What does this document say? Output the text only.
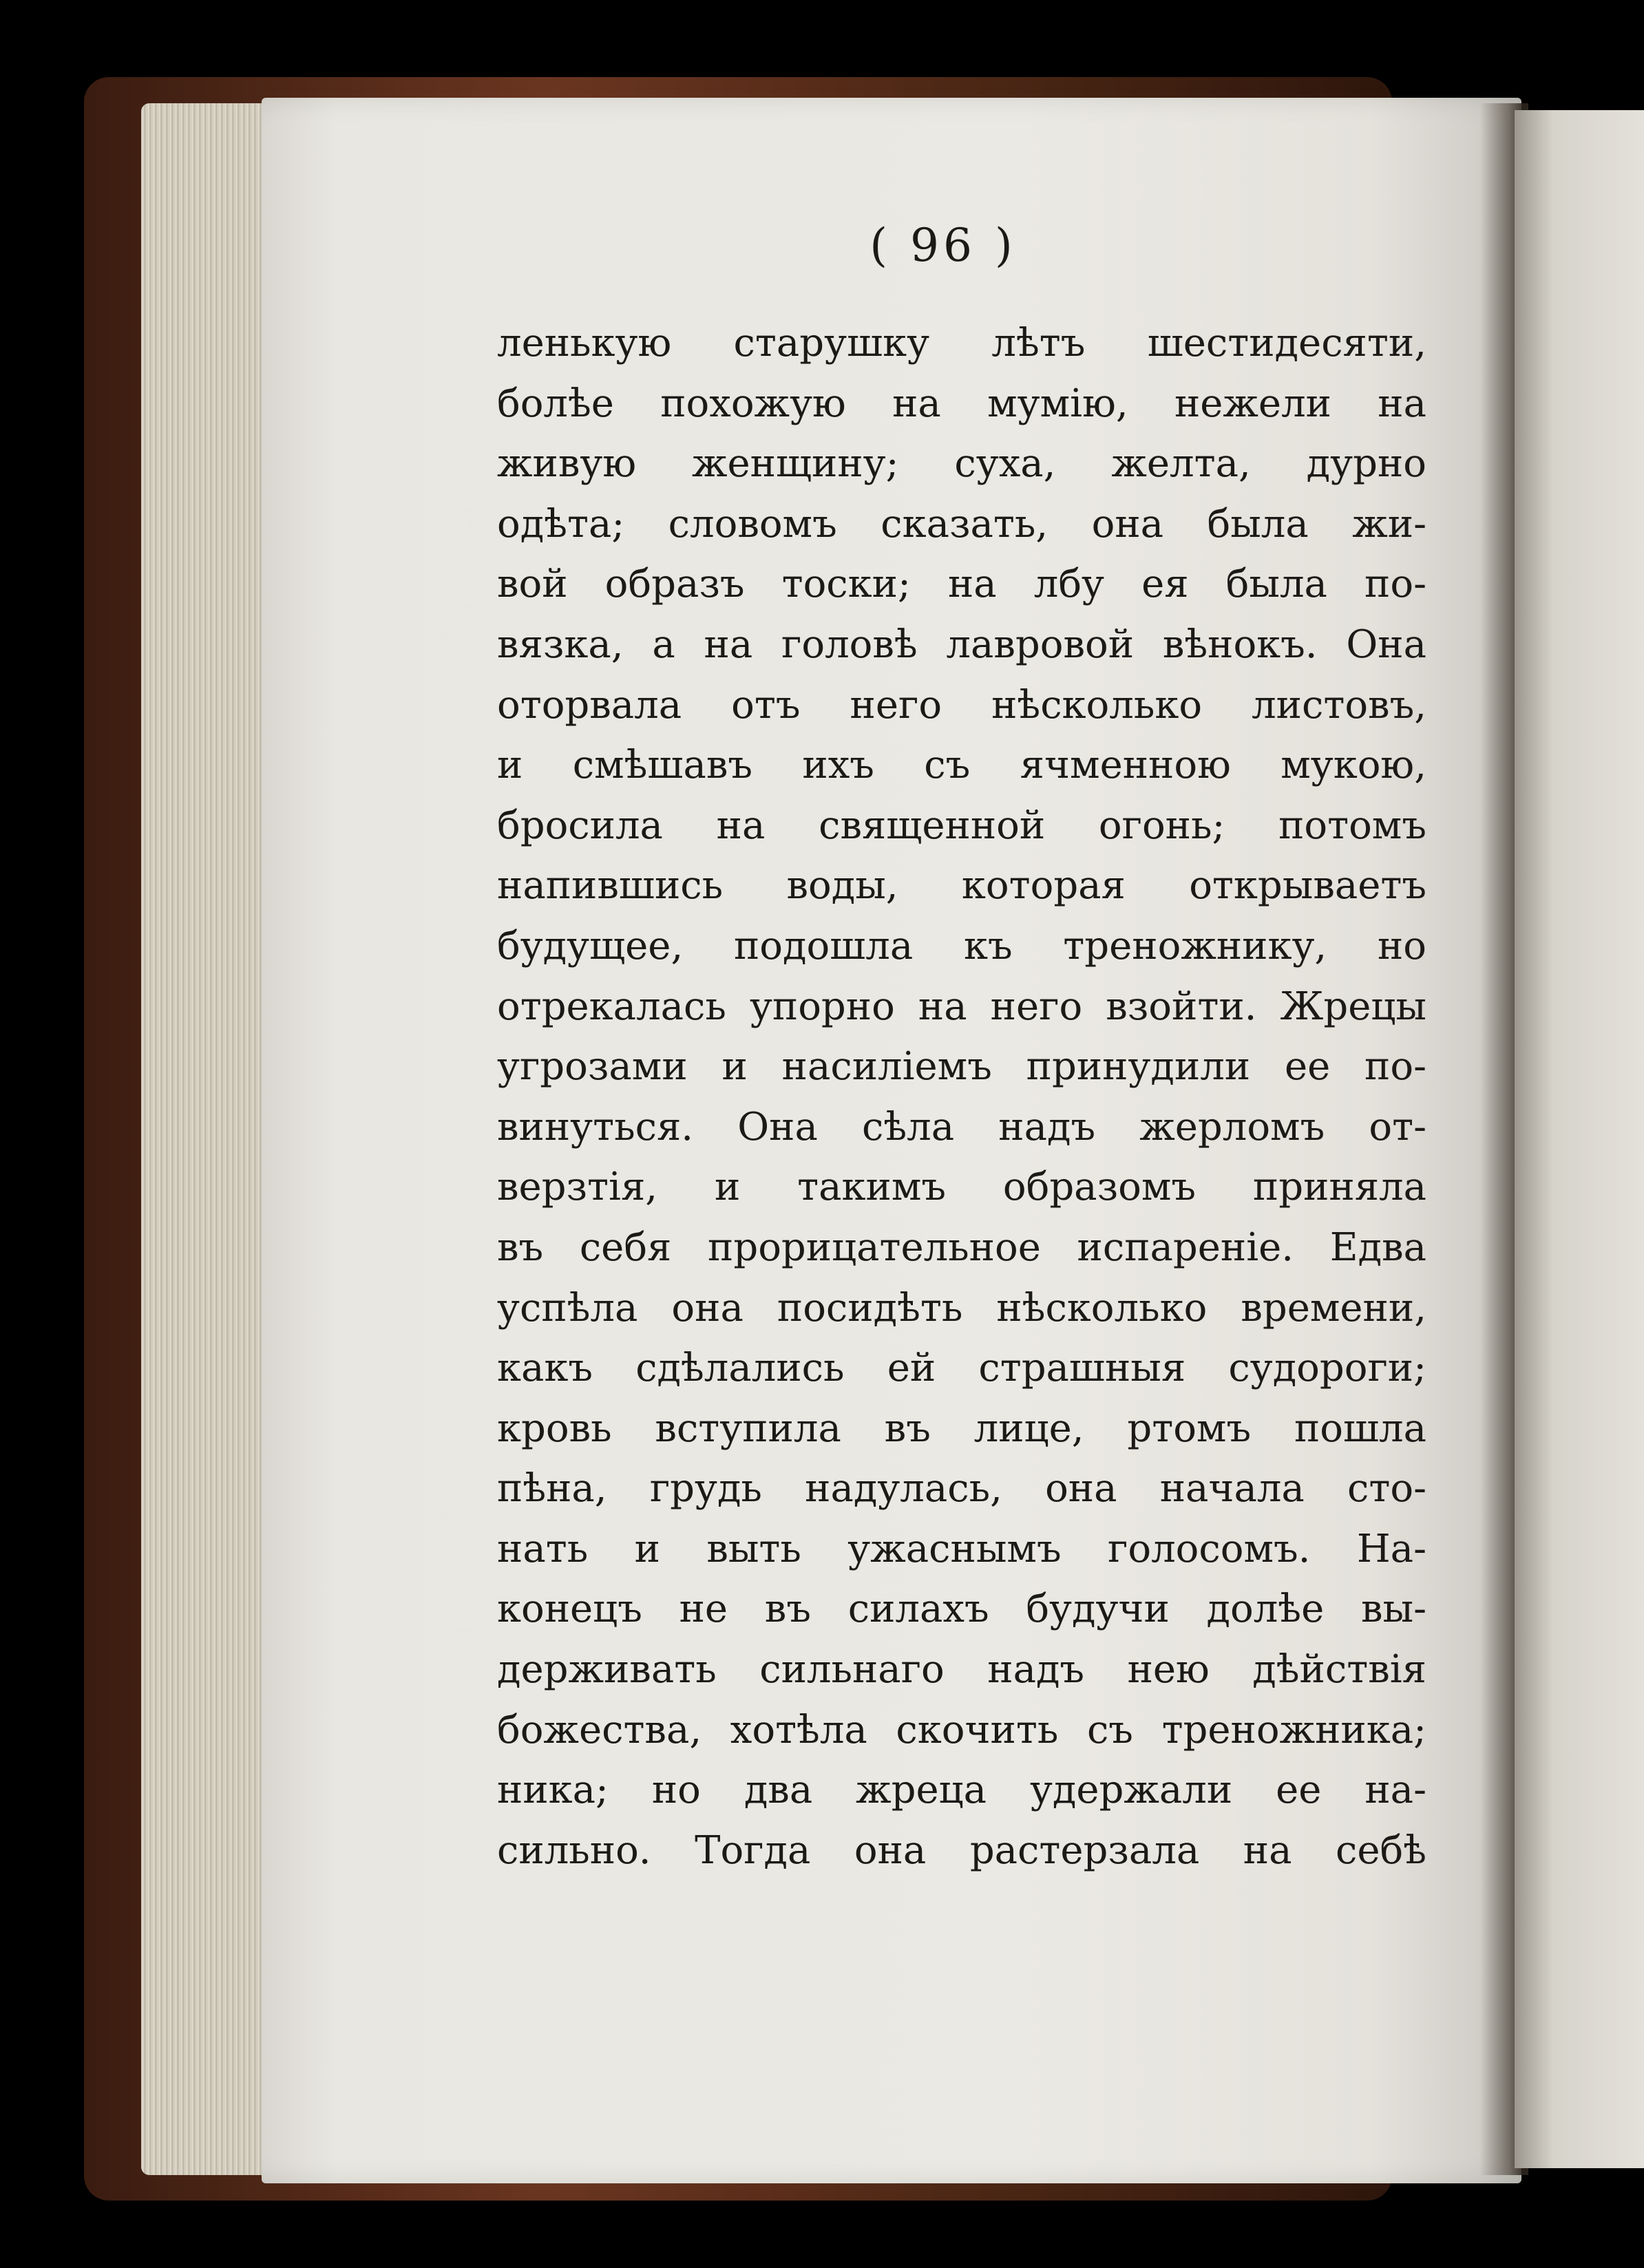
( 96 )
ленькую старушку лѣтъ шестидесяти,
болѣе похожую на мумію, нежели на
живую женщину; суха, желта, дурно
одѣта; словомъ сказать, она была жи-
вой образъ тоски; на лбу ея была по-
вязка, а на головѣ лавровой вѣнокъ. Она
оторвала отъ него нѣсколько листовъ,
и смѣшавъ ихъ съ ячменною мукою,
бросила на священной огонь; потомъ
напившись воды, которая открываетъ
будущее, подошла къ треножнику, но
отрекалась упорно на него взойти. Жрецы
угрозами и насиліемъ принудили ее по-
винуться. Она сѣла надъ жерломъ от-
верзтія, и такимъ образомъ приняла
въ себя прорицательное испареніе. Едва
успѣла она посидѣть нѣсколько времени,
какъ сдѣлались ей страшныя судороги;
кровь вступила въ лице, ртомъ пошла
пѣна, грудь надулась, она начала сто-
нать и выть ужаснымъ голосомъ. На-
конецъ не въ силахъ будучи долѣе вы-
держивать сильнаго надъ нею дѣйствія
божества, хотѣла скочить съ треножника;
ника; но два жреца удержали ее на-
сильно. Тогда она растерзала на себѣ
